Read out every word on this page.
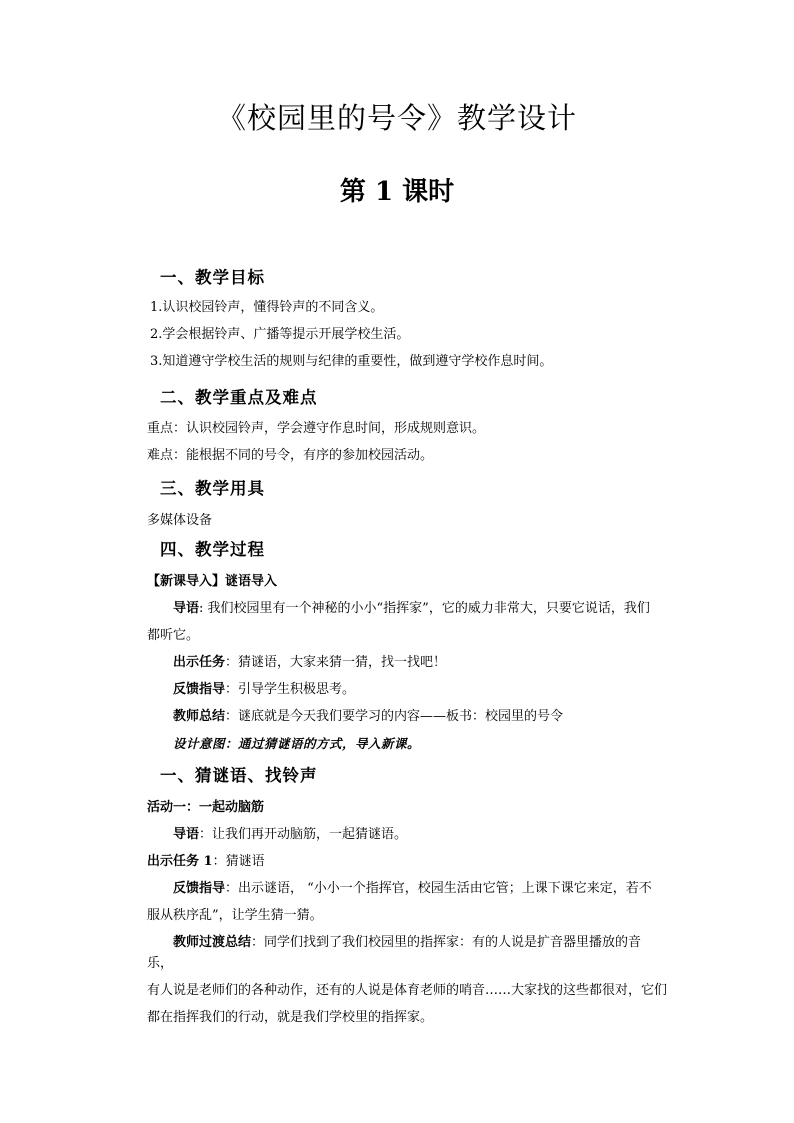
《校园里的号令》教学设计
第 1 课时

一、教学目标

1.认识校园铃声，懂得铃声的不同含义。

2.学会根据铃声、广播等提示开展学校生活。

3.知道遵守学校生活的规则与纪律的重要性，做到遵守学校作息时间。

二、教学重点及难点

重点：认识校园铃声，学会遵守作息时间，形成规则意识。

难点：能根据不同的号令，有序的参加校园活动。

三、教学用具

多媒体设备

四、教学过程

【新课导入】谜语导入

导语: 我们校园里有一个神秘的小小“指挥家”，它的威力非常大，只要它说话，我们

都听它。

出示任务：猜谜语，大家来猜一猜，找一找吧！

反馈指导：引导学生积极思考。

教师总结：谜底就是今天我们要学习的内容——板书：校园里的号令

设计意图：通过猜谜语的方式，导入新课。

一、猜谜语、找铃声

活动一：一起动脑筋

导语：让我们再开动脑筋，一起猜谜语。

出示任务 1：猜谜语

反馈指导：出示谜语， “小小一个指挥官，校园生活由它管；上课下课它来定，若不

服从秩序乱”，让学生猜一猜。

教师过渡总结：同学们找到了我们校园里的指挥家：有的人说是扩音器里播放的音乐，

有人说是老师们的各种动作，还有的人说是体育老师的哨音……大家找的这些都很对，它们

都在指挥我们的行动，就是我们学校里的指挥家。
